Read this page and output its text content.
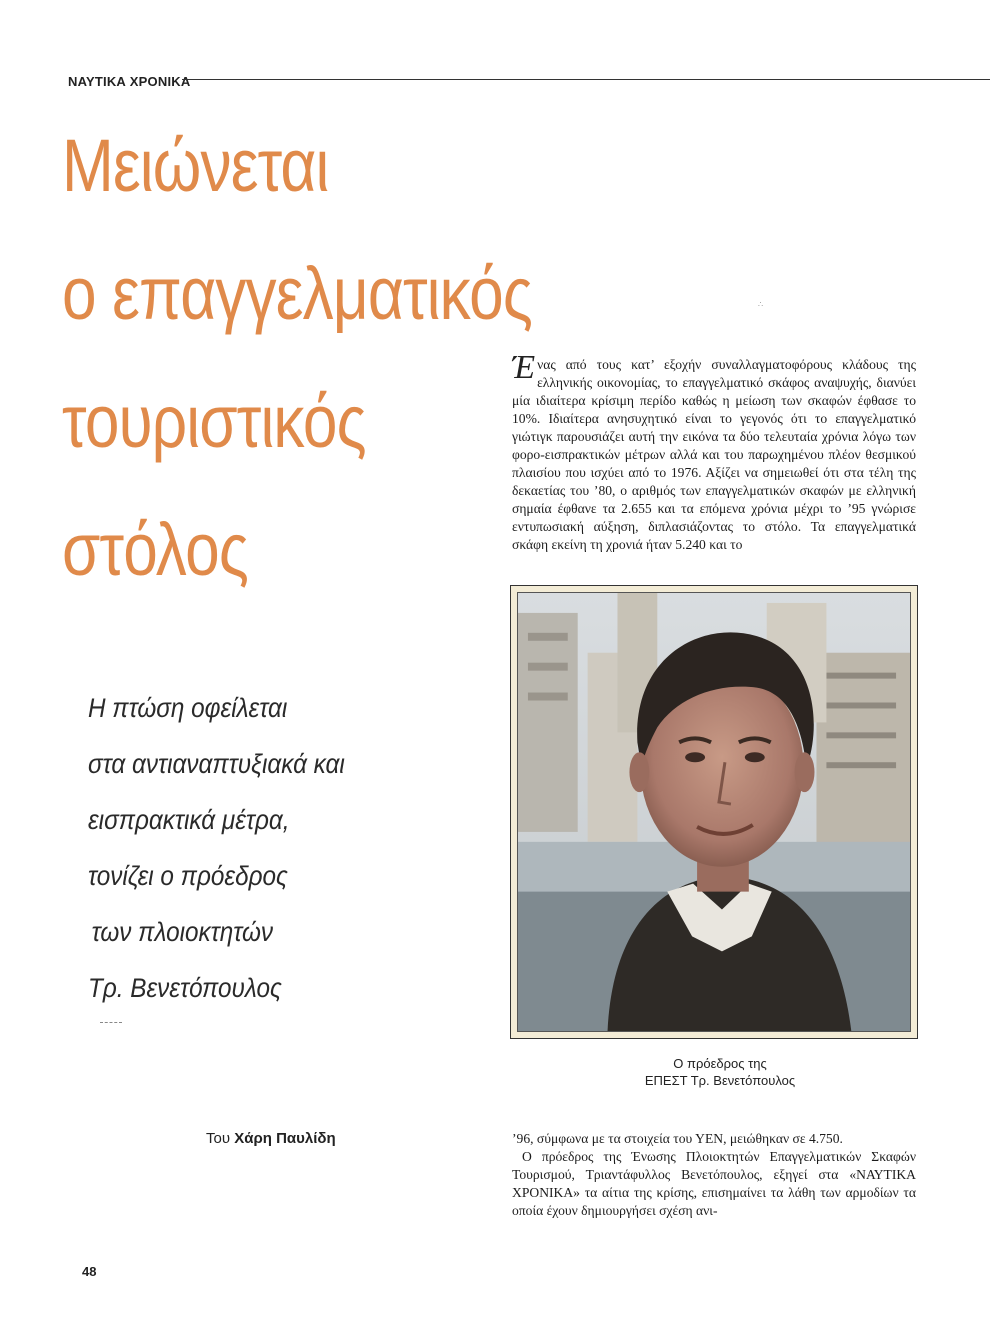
ΝΑΥΤΙΚΑ ΧΡΟΝΙΚΑ
Μειώνεται
ο επαγγελματικός
τουριστικός
στόλος
∴
Η πτώση οφείλεται
στα αντιαναπτυξιακά και
εισπρακτικά μέτρα,
τονίζει ο πρόεδρος
των πλοιοκτητών
Τρ. Βενετόπουλος
Του Χάρη Παυλίδη

Ένας από τους κατ’ εξοχήν συναλλαγματοφόρους κλάδους της ελληνικής οικονομίας, το επαγγελματικό σκάφος αναψυχής, διανύει μία ιδιαίτερα κρίσιμη περίδο καθώς η μείωση των σκαφών έφθασε το 10%. Ιδιαίτερα ανησυχητικό είναι το γεγονός ότι το επαγγελματικό γιώτιγκ παρουσιάζει αυτή την εικόνα τα δύο τελευταία χρόνια λόγω των φορο-εισπρακτικών μέτρων αλλά και του παρωχημένου πλέον θεσμικού πλαισίου που ισχύει από το 1976. Αξίζει να σημειωθεί ότι στα τέλη της δεκαετίας του ’80, ο αριθμός των επαγγελματικών σκαφών με ελληνική σημαία έφθανε τα 2.655 και τα επόμενα χρόνια μέχρι το ’95 γνώρισε εντυπωσιακή αύξηση, διπλασιάζοντας το στόλο. Τα επαγγελματικά σκάφη εκείνη τη χρονιά ήταν 5.240 και το

Ο πρόεδρος της
ΕΠΕΣΤ Τρ. Βενετόπουλος

’96, σύμφωνα με τα στοιχεία του ΥΕΝ, μειώθηκαν σε 4.750.

Ο πρόεδρος της Ένωσης Πλοιοκτητών Επαγγελματικών Σκαφών Τουρισμού, Τριαντάφυλλος Βενετόπουλος, εξηγεί στα «ΝΑΥΤΙΚΑ ΧΡΟΝΙΚΑ» τα αίτια της κρίσης, επισημαίνει τα λάθη των αρμοδίων τα οποία έχουν δημιουργήσει σχέση ανι-

48
